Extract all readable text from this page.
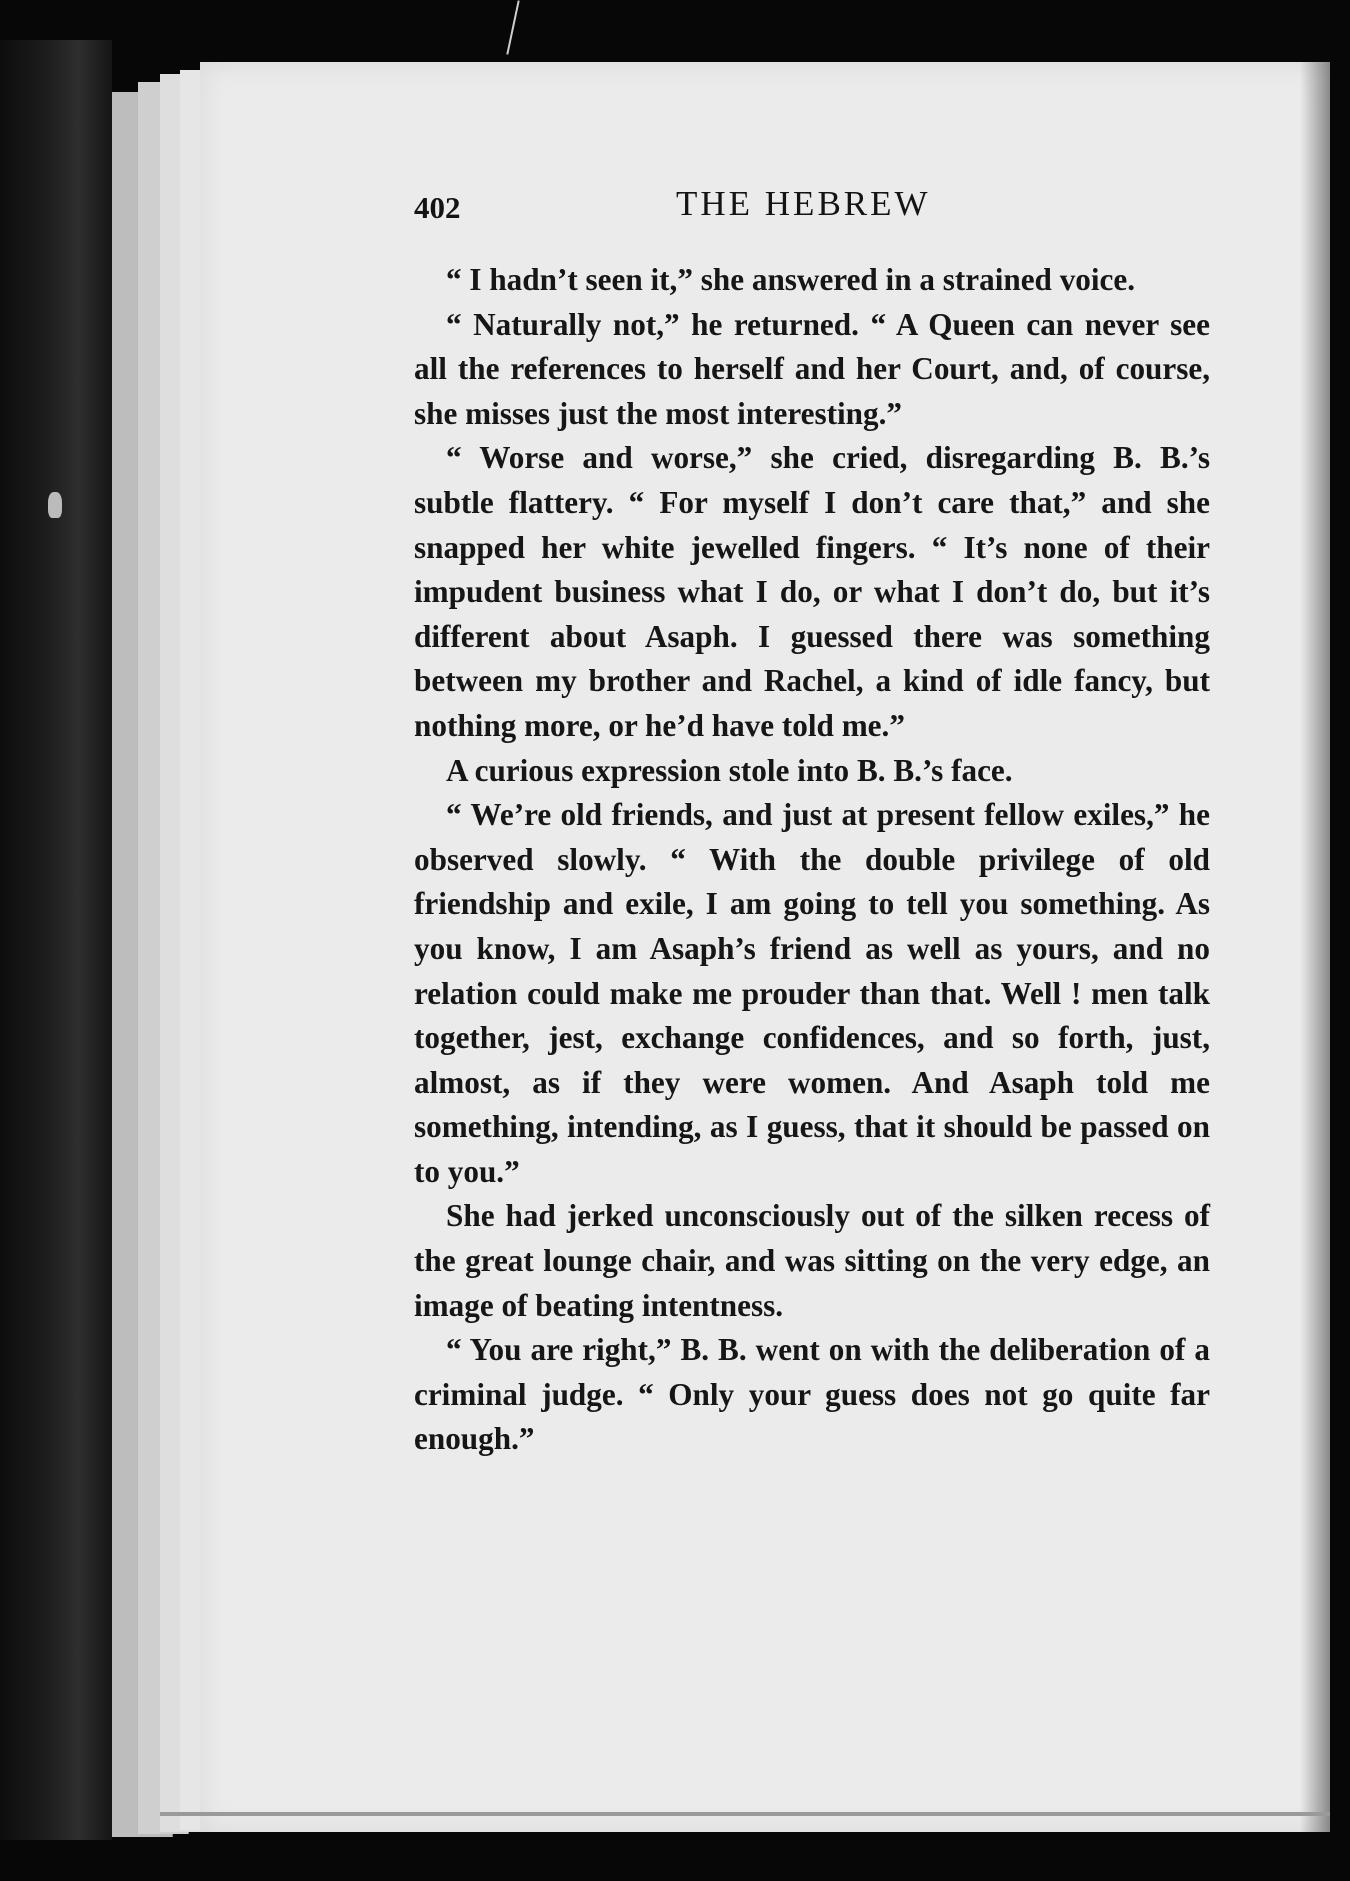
402	THE HEBREW

“ I hadn’t seen it,” she answered in a strained voice.

“ Naturally not,” he returned. “ A Queen can never see all the references to herself and her Court, and, of course, she misses just the most interesting.”

“ Worse and worse,” she cried, disregarding B. B.’s subtle flattery. “ For myself I don’t care that,” and she snapped her white jewelled fingers. “ It’s none of their impudent business what I do, or what I don’t do, but it’s different about Asaph. I guessed there was something between my brother and Rachel, a kind of idle fancy, but nothing more, or he’d have told me.”

A curious expression stole into B. B.’s face.

“ We’re old friends, and just at present fellow exiles,” he observed slowly. “ With the double privilege of old friendship and exile, I am going to tell you something. As you know, I am Asaph’s friend as well as yours, and no relation could make me prouder than that. Well ! men talk together, jest, exchange confidences, and so forth, just, almost, as if they were women. And Asaph told me something, intending, as I guess, that it should be passed on to you.”

She had jerked unconsciously out of the silken recess of the great lounge chair, and was sitting on the very edge, an image of beating intentness.

“ You are right,” B. B. went on with the deliberation of a criminal judge. “ Only your guess does not go quite far enough.”
